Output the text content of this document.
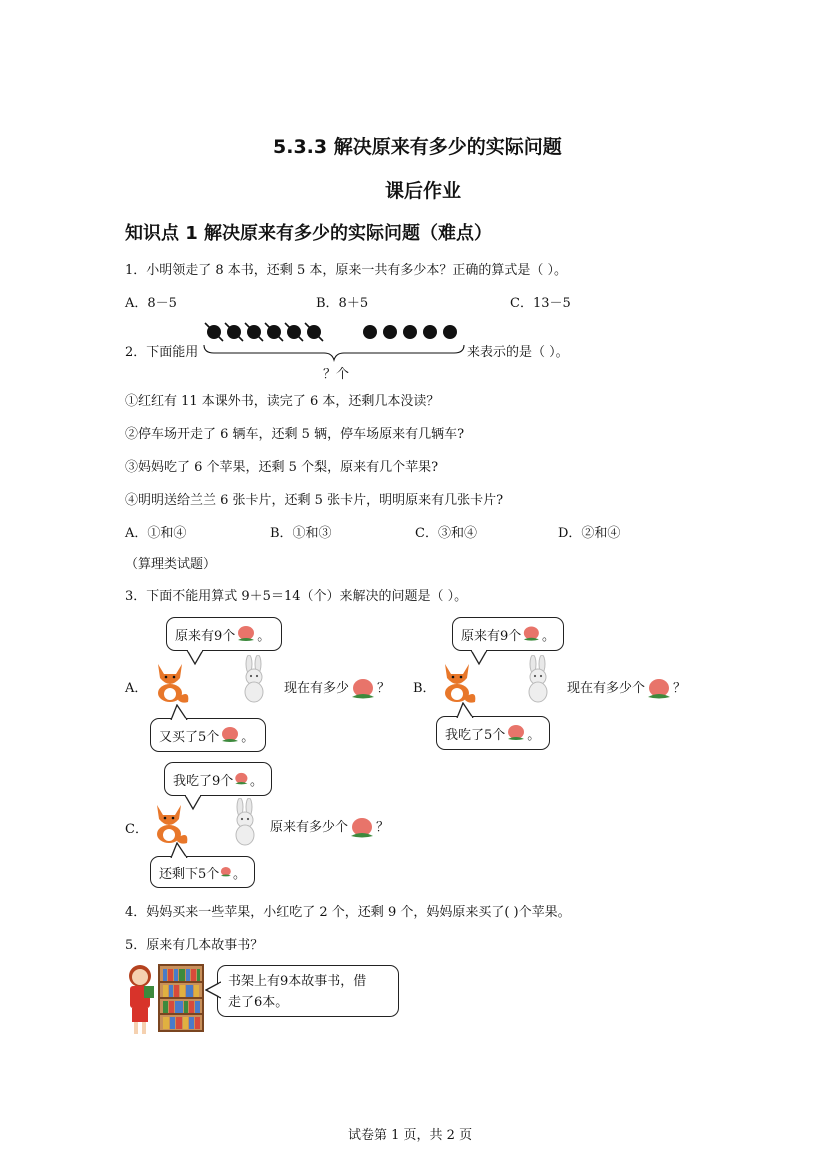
5.3.3 解决原来有多少的实际问题
课后作业
知识点 1 解决原来有多少的实际问题（难点）
1．小明领走了 8 本书，还剩 5 本，原来一共有多少本？正确的算式是（ ）。
A．8－5	B．8＋5	C．13－5
2．下面能用	来表示的是（ ）。
？个
①红红有 11 本课外书，读完了 6 本，还剩几本没读？
②停车场开走了 6 辆车，还剩 5 辆，停车场原来有几辆车?
③妈妈吃了 6 个苹果，还剩 5 个梨，原来有几个苹果?
④明明送给兰兰 6 张卡片，还剩 5 张卡片，明明原来有几张卡片?
A．①和④	B．①和③	C．③和④	D．②和④
（算理类试题）
3．下面不能用算式 9＋5＝14（个）来解决的问题是（ ）。
原来有9个 。
A．	现在有多少 ？
又买了5个 。
原来有9个 。
B．	现在有多少个 ？
我吃了5个 。
我吃了9个 。
C．	原来有多少个 ？
还剩下5个 。
4．妈妈买来一些苹果，小红吃了 2 个，还剩 9 个，妈妈原来买了( )个苹果。
5．原来有几本故事书？
书架上有9本故事书，借
走了6本。
试卷第 1 页，共 2 页
